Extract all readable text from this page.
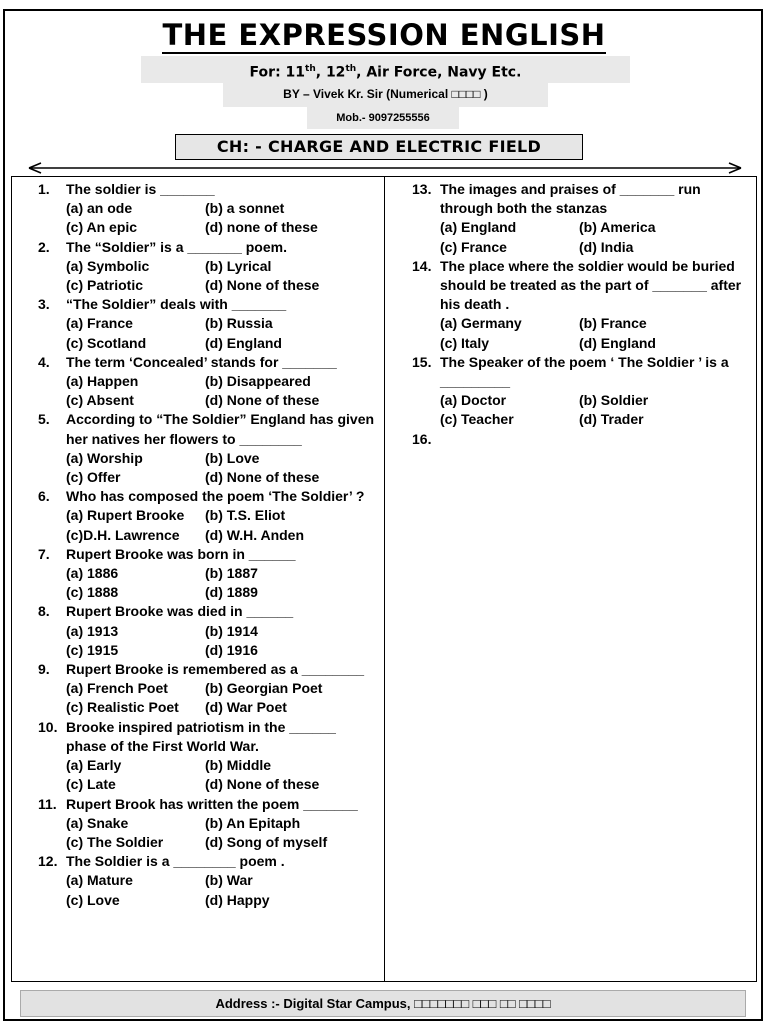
THE EXPRESSION ENGLISH
For: 11th, 12th, Air Force, Navy Etc.
BY – Vivek Kr. Sir (Numerical □□□□ )
Mob.- 9097255556
CH: - CHARGE AND ELECTRIC FIELD
1.	The soldier is _______
(a) an ode	(b) a sonnet
(c) An epic	(d) none of these
2.	The “Soldier” is a _______ poem.
(a) Symbolic	(b) Lyrical
(c) Patriotic	(d) None of these
3.	“The Soldier” deals with _______
(a) France	(b) Russia
(c) Scotland	(d) England
4.	The term ‘Concealed’ stands for _______
(a) Happen	(b) Disappeared
(c) Absent	(d) None of these
5.	According to “The Soldier” England has given her natives her flowers to ________
(a) Worship	(b) Love
(c) Offer	(d) None of these
6.	Who has composed the poem ‘The Soldier’ ?
(a) Rupert Brooke	(b) T.S. Eliot
(c)D.H. Lawrence	(d) W.H. Anden
7.	Rupert Brooke was born in ______
(a) 1886	(b) 1887
(c) 1888	(d) 1889
8.	Rupert Brooke was died in ______
(a) 1913	(b) 1914
(c) 1915	(d) 1916
9.	Rupert Brooke is remembered as a ________
(a) French Poet	(b) Georgian Poet
(c) Realistic Poet	(d) War Poet
10. Brooke inspired patriotism in the ______ phase of the First World War.
(a) Early	(b) Middle
(c) Late	(d) None of these
11. Rupert Brook has written the poem _______
(a) Snake	(b) An Epitaph
(c) The Soldier	(d) Song of myself
12. The Soldier is a ________ poem .
(a) Mature	(b) War
(c) Love	(d) Happy
13. The images and praises of _______ run through both the stanzas
(a) England	(b) America
(c) France	(d) India
14. The place where the soldier would be buried should be treated as the part of _______ after his death .
(a) Germany	(b) France
(c) Italy	(d) England
15. The Speaker of the poem ‘ The Soldier ’ is a _________
(a) Doctor	(b) Soldier
(c) Teacher	(d) Trader
16.
Address :- Digital Star Campus, □□□□□□□ □□□ □□ □□□□
